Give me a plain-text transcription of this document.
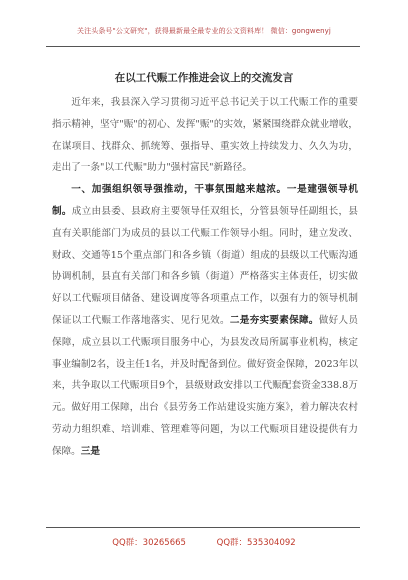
关注头条号"公文研究"，获得最新最全最专业的公文资料库！ 微信：gongwenyj
在以工代赈工作推进会议上的交流发言

近年来，我县深入学习贯彻习近平总书记关于以工代赈工作的重要指示精神，坚守"赈"的初心、发挥"赈"的实效，紧紧围绕群众就业增收，在谋项目、找群众、抓统筹、强指导、重实效上持续发力、久久为功，走出了一条"以工代赈"助力"强村富民"新路径。

一、加强组织领导强推动，干事氛围越来越浓。一是建强领导机制。成立由县委、县政府主要领导任双组长，分管县领导任副组长，县直有关职能部门为成员的县以工代赈工作领导小组。同时，建立发改、财政、交通等15个重点部门和各乡镇（街道）组成的县级以工代赈沟通协调机制，县直有关部门和各乡镇（街道）严格落实主体责任，切实做好以工代赈项目储备、建设调度等各项重点工作，以强有力的领导机制保证以工代赈工作落地落实、见行见效。二是夯实要素保障。做好人员保障，成立县以工代赈项目服务中心，为县发改局所属事业机构，核定事业编制2名，设主任1名，并及时配备到位。做好资金保障，2023年以来，共争取以工代赈项目9个，县级财政安排以工代赈配套资金338.8万元。做好用工保障，出台《县劳务工作站建设实施方案》，着力解决农村劳动力组织难、培训难、管理难等问题，为以工代赈项目建设提供有力保障。三是

QQ群：30265665	QQ群：535304092
